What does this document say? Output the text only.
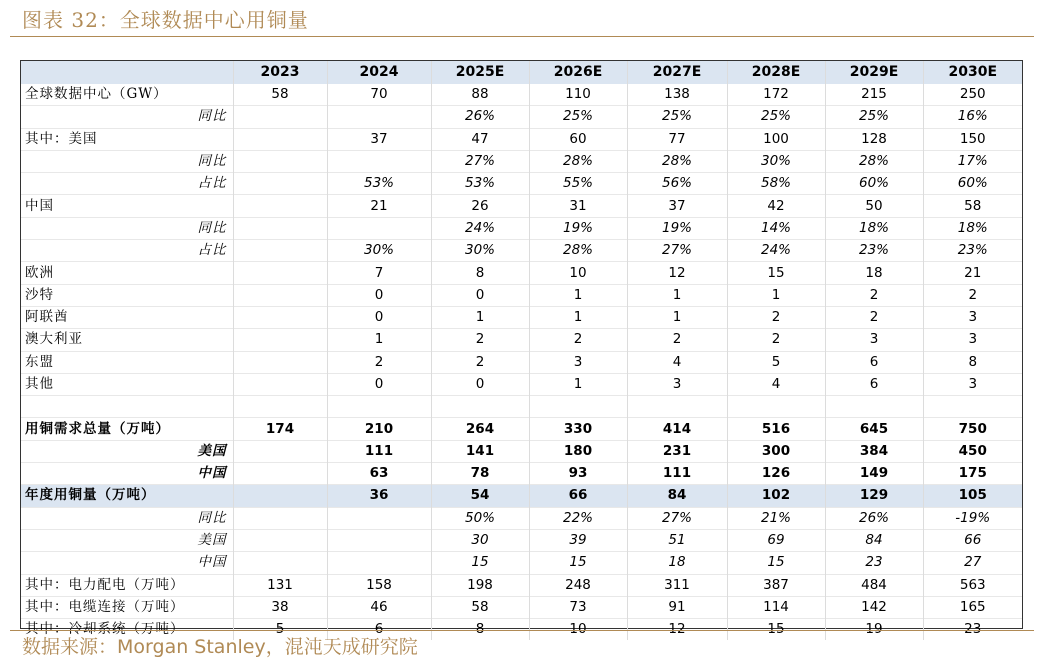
图表 32：全球数据中心用铜量
	2023	2024	2025E	2026E	2027E	2028E	2029E	2030E
全球数据中心（GW）	58	70	88	110	138	172	215	250
同比			26%	25%	25%	25%	25%	16%
其中：美国		37	47	60	77	100	128	150
同比			27%	28%	28%	30%	28%	17%
占比		53%	53%	55%	56%	58%	60%	60%
中国		21	26	31	37	42	50	58
同比			24%	19%	19%	14%	18%	18%
占比		30%	30%	28%	27%	24%	23%	23%
欧洲		7	8	10	12	15	18	21
沙特		0	0	1	1	1	2	2
阿联酋		0	1	1	1	2	2	3
澳大利亚		1	2	2	2	2	3	3
东盟		2	2	3	4	5	6	8
其他		0	0	1	3	4	6	3

用铜需求总量（万吨）	174	210	264	330	414	516	645	750
美国		111	141	180	231	300	384	450
中国		63	78	93	111	126	149	175
年度用铜量（万吨）		36	54	66	84	102	129	105
同比			50%	22%	27%	21%	26%	-19%
美国			30	39	51	69	84	66
中国			15	15	18	15	23	27
其中：电力配电（万吨）	131	158	198	248	311	387	484	563
其中：电缆连接（万吨）	38	46	58	73	91	114	142	165
其中：冷却系统（万吨）	5	6	8	10	12	15	19	23
数据来源：Morgan Stanley，混沌天成研究院
